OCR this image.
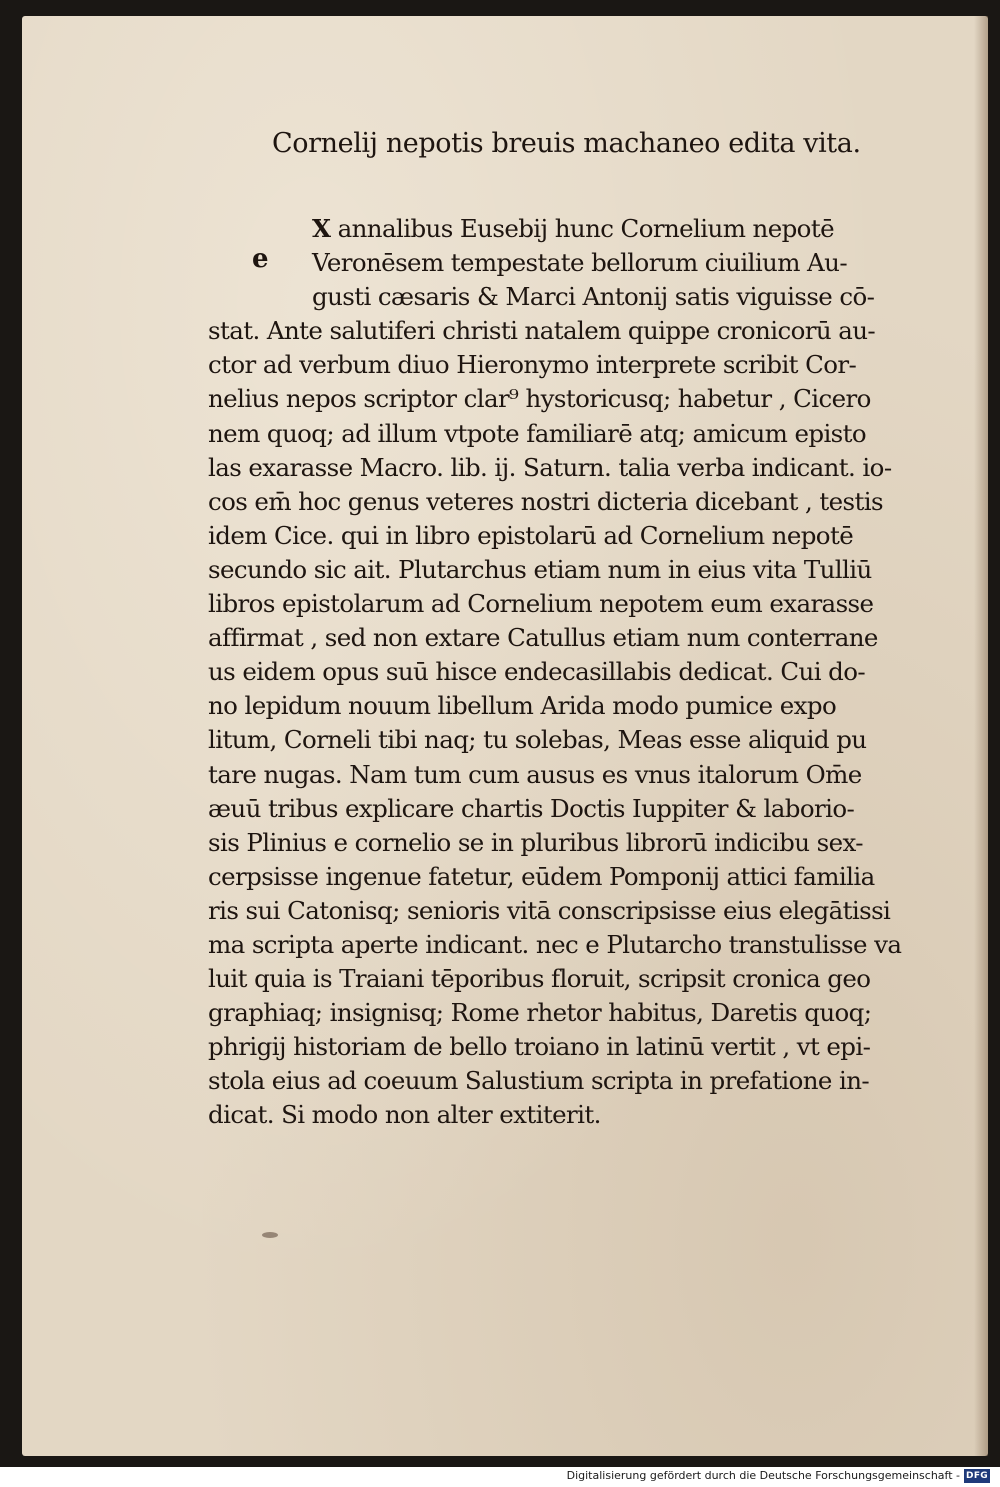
Cornelij nepotis breuis machaneo edita vita.
e
X annalibus Eusebij hunc Cornelium nepotē
Veronēsem tempestate bellorum ciuilium Au-
gusti cæsaris & Marci Antonij satis viguisse cō-
stat. Ante salutiferi christi natalem quippe cronicorū au-
ctor ad verbum diuo Hieronymo interprete scribit Cor-
nelius nepos scriptor clar⁹ hystoricusq; habetur , Cicero
nem quoq; ad illum vtpote familiarē atq; amicum episto
las exarasse Macro. lib. ij. Saturn. talia verba indicant. io-
cos em̄ hoc genus veteres nostri dicteria dicebant , testis
idem Cice. qui in libro epistolarū ad Cornelium nepotē
secundo sic ait. Plutarchus etiam num in eius vita Tulliū
libros epistolarum ad Cornelium nepotem eum exarasse
affirmat , sed non extare Catullus etiam num conterrane
us eidem opus suū hisce endecasillabis dedicat. Cui do-
no lepidum nouum libellum Arida modo pumice expo
litum, Corneli tibi naq; tu solebas, Meas esse aliquid pu
tare nugas. Nam tum cum ausus es vnus italorum Om̄e
æuū tribus explicare chartis Doctis Iuppiter & laborio-
sis Plinius e cornelio se in pluribus librorū indicibu sex-
cerpsisse ingenue fatetur, eūdem Pomponij attici familia
ris sui Catonisq; senioris vitā conscripsisse eius elegātissi
ma scripta aperte indicant. nec e Plutarcho transtulisse va
luit quia is Traiani tēporibus floruit, scripsit cronica geo
graphiaq; insignisq; Rome rhetor habitus, Daretis quoq;
phrigij historiam de bello troiano in latinū vertit , vt epi-
stola eius ad coeuum Salustium scripta in prefatione in-
dicat. Si modo non alter extiterit.
Digitalisierung gefördert durch die Deutsche Forschungsgemeinschaft - DFG
